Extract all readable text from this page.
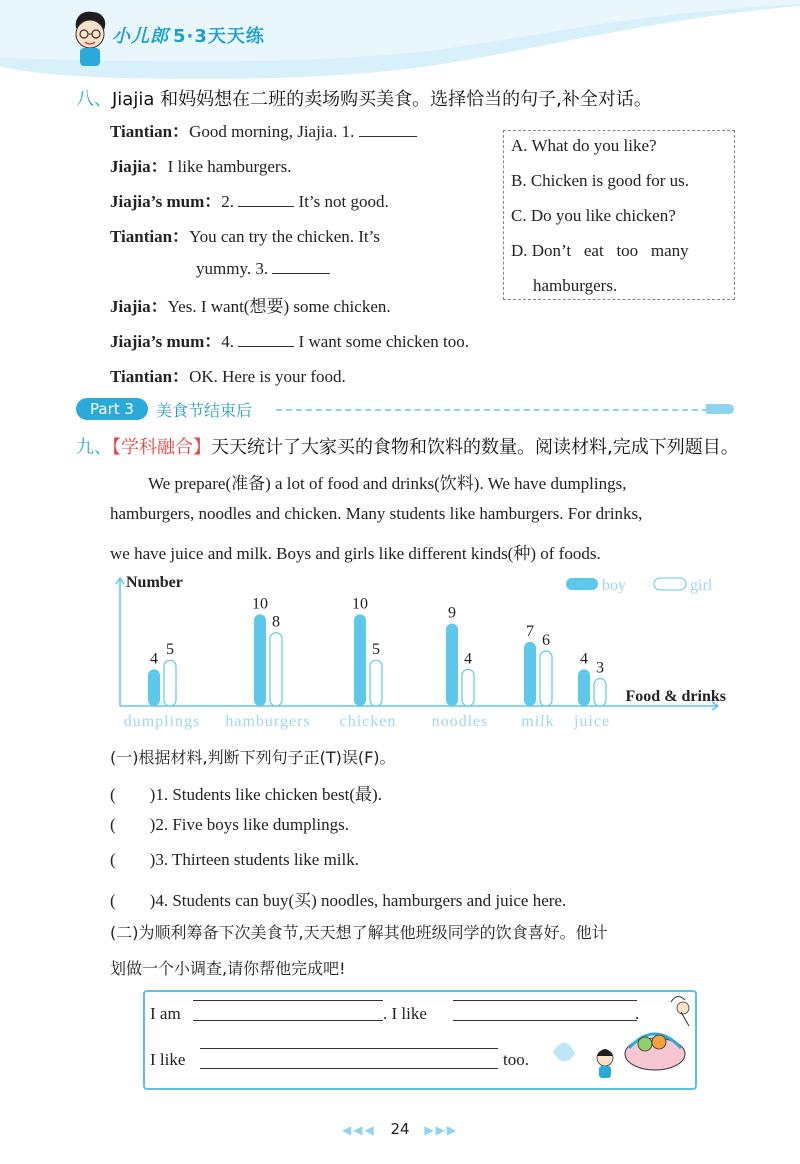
小儿郎 5·3天天练
八、Jiajia 和妈妈想在二班的卖场购买美食。选择恰当的句子,补全对话。
Tiantian：Good morning, Jiajia. 1.
Jiajia：I like hamburgers.
Jiajia’s mum：2.	It’s not good.
Tiantian：You can try the chicken. It’s
yummy. 3.
Jiajia：Yes. I want(想要) some chicken.
Jiajia’s mum：4.	I want some chicken too.
Tiantian：OK. Here is your food.
A. What do you like?
B. Chicken is good for us.
C. Do you like chicken?
D. Don’t   eat   too   many
hamburgers.
Part 3	美食节结束后
九、【学科融合】天天统计了大家买的食物和饮料的数量。阅读材料,完成下列题目。
We prepare(准备) a lot of food and drinks(饮料). We have dumplings,
hamburgers, noodles and chicken. Many students like hamburgers. For drinks,
we have juice and milk. Boys and girls like different kinds(种) of foods.
Number
Food & drinks
boy	girl
4
5
dumplings
10
8
hamburgers
10
5
chicken
9
4
noodles
7
6
milk
4
3
juice
(一)根据材料,判断下列句子正(T)误(F)。
(        )1. Students like chicken best(最).
(        )2. Five boys like dumplings.
(        )3. Thirteen students like milk.
(        )4. Students can buy(买) noodles, hamburgers and juice here.
(二)为顺利筹备下次美食节,天天想了解其他班级同学的饮食喜好。他计
划做一个小调查,请你帮他完成吧!
I am	. I like	.
I like	too.
◀◀◀ 24 ▶▶▶
